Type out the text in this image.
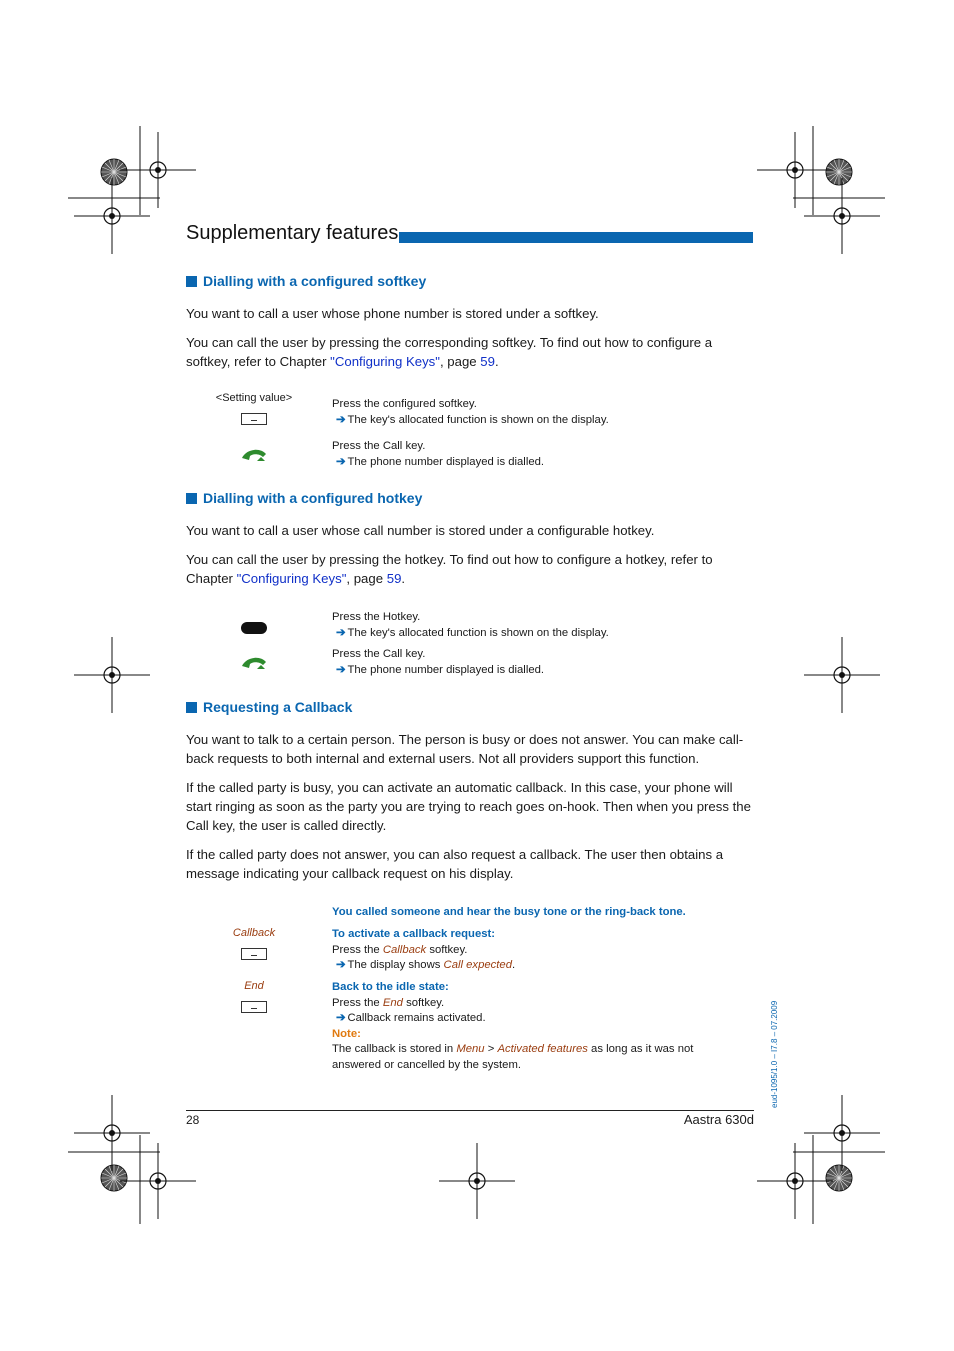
Supplementary features
Dialling with a configured softkey

You want to call a user whose phone number is stored under a softkey.

You can call the user by pressing the corresponding softkey. To find out how to configure a softkey, refer to Chapter "Configuring Keys", page 59.

<Setting value>	Press the configured softkey.
➔ The key's allocated function is shown on the display.
Press the Call key.
➔ The phone number displayed is dialled.
Dialling with a configured hotkey

You want to call a user whose call number is stored under a configurable hotkey.

You can call the user by pressing the hotkey. To find out how to configure a hotkey, refer to Chapter "Configuring Keys", page 59.

Press the Hotkey.
➔ The key's allocated function is shown on the display.
Press the Call key.
➔ The phone number displayed is dialled.
Requesting a Callback

You want to talk to a certain person. The person is busy or does not answer. You can make call-back requests to both internal and external users. Not all providers support this function.

If the called party is busy, you can activate an automatic callback. In this case, your phone will start ringing as soon as the party you are trying to reach goes on-hook. Then when you press the Call key, the user is called directly.

If the called party does not answer, you can also request a callback. The user then obtains a message indicating your callback request on his display.

You called someone and hear the busy tone or the ring-back tone.
Callback	To activate a callback request:
Press the Callback softkey.
➔ The display shows Call expected.
End	Back to the idle state:
Press the End softkey.
➔ Callback remains activated.
Note:
The callback is stored in Menu > Activated features as long as it was not
answered or cancelled by the system.	eud-1095/1.0 – I7.8 – 07.2009
28	Aastra 630d
